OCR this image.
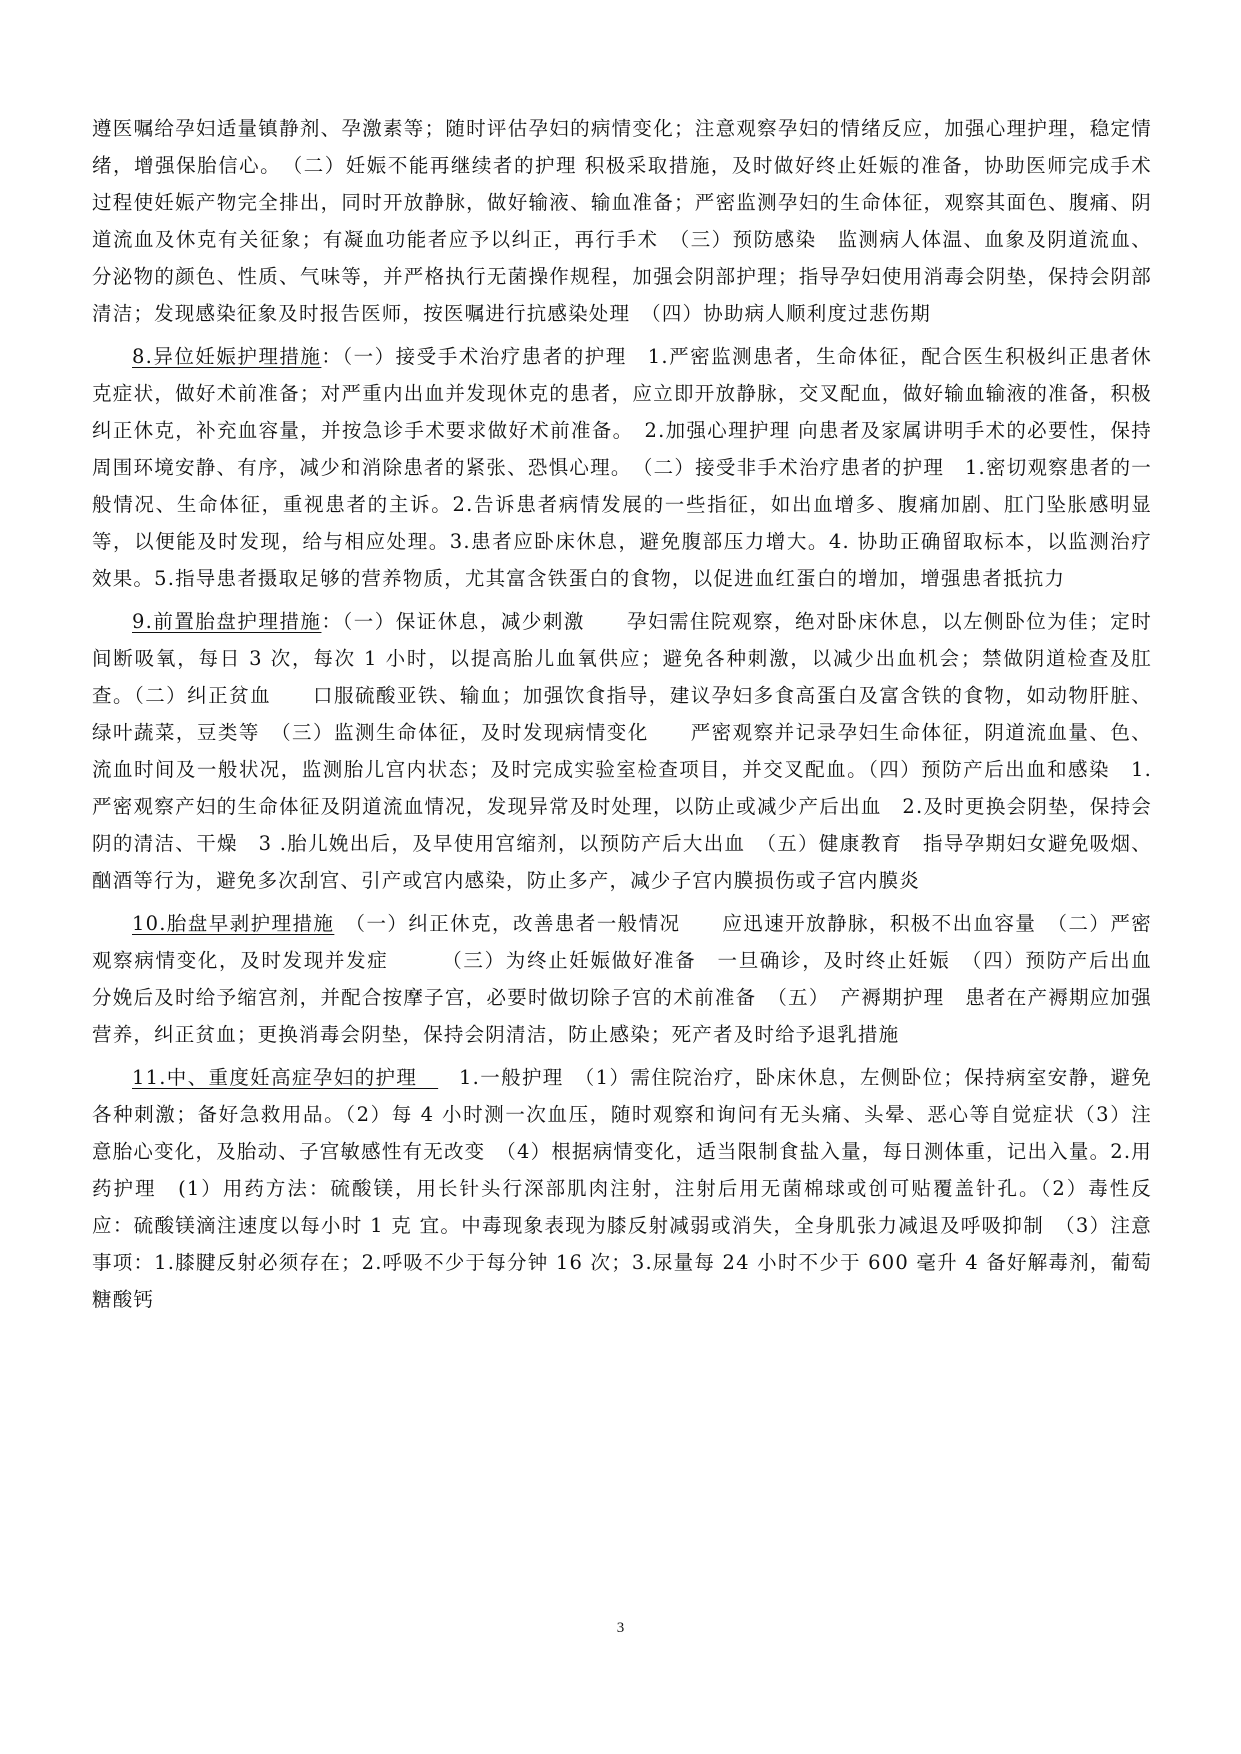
遵医嘱给孕妇适量镇静剂、孕激素等；随时评估孕妇的病情变化；注意观察孕妇的情绪反应，加强心理护理，稳定情绪，增强保胎信心。　（二）妊娠不能再继续者的护理 积极采取措施，及时做好终止妊娠的准备，协助医师完成手术过程使妊娠产物完全排出，同时开放静脉，做好输液、输血准备；严密监测孕妇的生命体征，观察其面色、腹痛、阴道流血及休克有关征象；有凝血功能者应予以纠正，再行手术　（三）预防感染　监测病人体温、血象及阴道流血、分泌物的颜色、性质、气味等，并严格执行无菌操作规程，加强会阴部护理；指导孕妇使用消毒会阴垫，保持会阴部清洁；发现感染征象及时报告医师，按医嘱进行抗感染处理　（四）协助病人顺利度过悲伤期

8.异位妊娠护理措施：（一）接受手术治疗患者的护理　1.严密监测患者，生命体征，配合医生积极纠正患者休克症状，做好术前准备；对严重内出血并发现休克的患者，应立即开放静脉，交叉配血，做好输血输液的准备，积极纠正休克，补充血容量，并按急诊手术要求做好术前准备。　2.加强心理护理 向患者及家属讲明手术的必要性，保持周围环境安静、有序，减少和消除患者的紧张、恐惧心理。　（二）接受非手术治疗患者的护理　1.密切观察患者的一般情况、生命体征，重视患者的主诉。2.告诉患者病情发展的一些指征，如出血增多、腹痛加剧、肛门坠胀感明显等，以便能及时发现，给与相应处理。3.患者应卧床休息，避免腹部压力增大。4. 协助正确留取标本，以监测治疗效果。5.指导患者摄取足够的营养物质，尤其富含铁蛋白的食物，以促进血红蛋白的增加，增强患者抵抗力

9.前置胎盘护理措施：（一）保证休息，减少刺激　　孕妇需住院观察，绝对卧床休息，以左侧卧位为佳；定时间断吸氧，每日 3 次，每次 1 小时，以提高胎儿血氧供应；避免各种刺激，以减少出血机会；禁做阴道检查及肛查。（二）纠正贫血　　口服硫酸亚铁、输血；加强饮食指导，建议孕妇多食高蛋白及富含铁的食物，如动物肝脏、绿叶蔬菜，豆类等　（三）监测生命体征，及时发现病情变化　　严密观察并记录孕妇生命体征，阴道流血量、色、流血时间及一般状况，监测胎儿宫内状态；及时完成实验室检查项目，并交叉配血。（四）预防产后出血和感染　1.严密观察产妇的生命体征及阴道流血情况，发现异常及时处理，以防止或减少产后出血　2.及时更换会阴垫，保持会阴的清洁、干燥　3 .胎儿娩出后，及早使用宫缩剂，以预防产后大出血　（五）健康教育　指导孕期妇女避免吸烟、酗酒等行为，避免多次刮宫、引产或宫内感染，防止多产，减少子宫内膜损伤或子宫内膜炎

10.胎盘早剥护理措施　（一）纠正休克，改善患者一般情况　　应迅速开放静脉，积极不出血容量　（二）严密观察病情变化，及时发现并发症　　　（三）为终止妊娠做好准备　一旦确诊，及时终止妊娠　（四）预防产后出血　分娩后及时给予缩宫剂，并配合按摩子宫，必要时做切除子宫的术前准备　（五）　产褥期护理　患者在产褥期应加强营养，纠正贫血；更换消毒会阴垫，保持会阴清洁，防止感染；死产者及时给予退乳措施

11.中、重度妊高症孕妇的护理　　1.一般护理　（1）需住院治疗，卧床休息，左侧卧位；保持病室安静，避免各种刺激；备好急救用品。（2）每 4 小时测一次血压，随时观察和询问有无头痛、头晕、恶心等自觉症状（3）注意胎心变化，及胎动、子宫敏感性有无改变　（4）根据病情变化，适当限制食盐入量，每日测体重，记出入量。2.用药护理　(1）用药方法：硫酸镁，用长针头行深部肌肉注射，注射后用无菌棉球或创可贴覆盖针孔。（2）毒性反应：硫酸镁滴注速度以每小时 1 克 宜。中毒现象表现为膝反射减弱或消失，全身肌张力减退及呼吸抑制　（3）注意事项：1.膝腱反射必须存在；2.呼吸不少于每分钟 16 次；3.尿量每 24 小时不少于 600 毫升 4 备好解毒剂，葡萄糖酸钙

3
